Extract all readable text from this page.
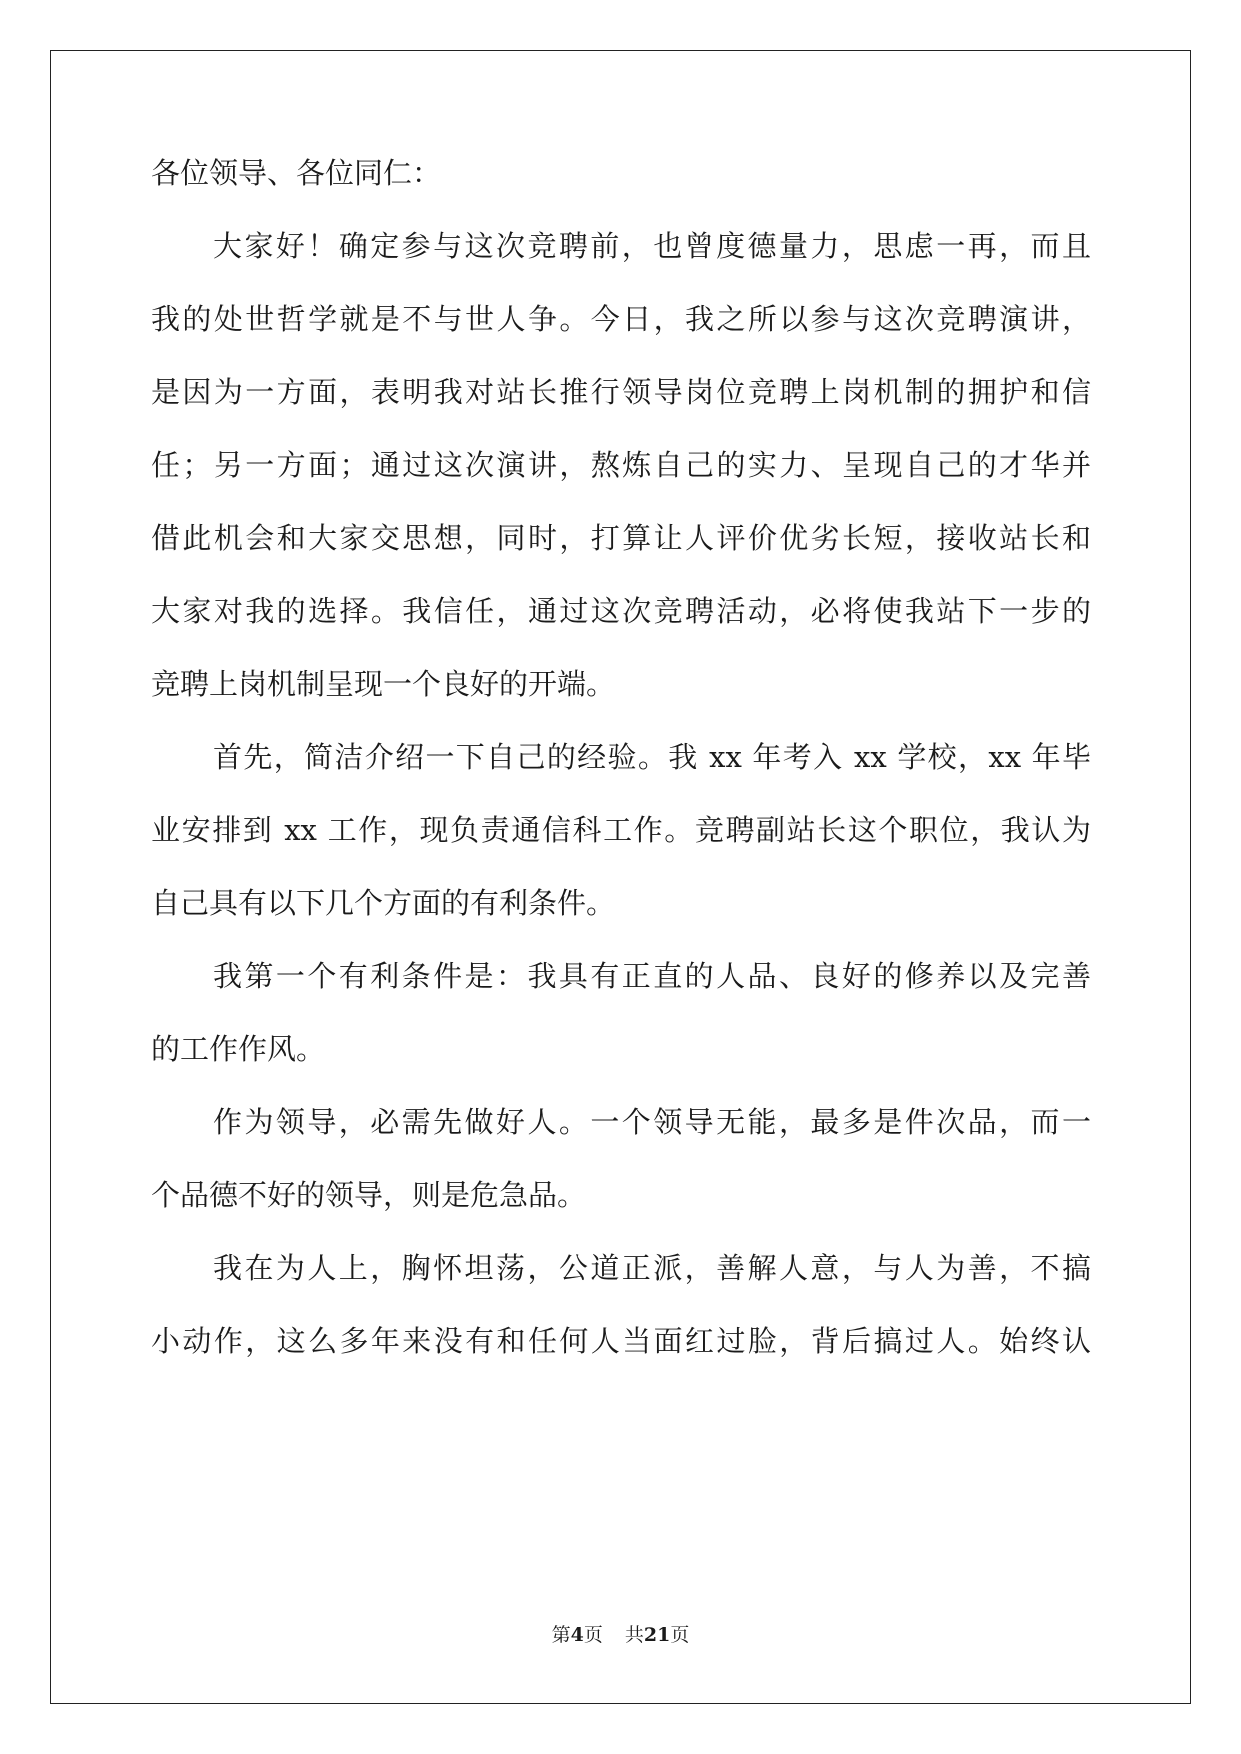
各位领导、各位同仁：

大家好！确定参与这次竞聘前，也曾度德量力，思虑一再，而且

我的处世哲学就是不与世人争。今日，我之所以参与这次竞聘演讲，

是因为一方面，表明我对站长推行领导岗位竞聘上岗机制的拥护和信

任；另一方面；通过这次演讲，熬炼自己的实力、呈现自己的才华并

借此机会和大家交思想，同时，打算让人评价优劣长短，接收站长和

大家对我的选择。我信任，通过这次竞聘活动，必将使我站下一步的

竞聘上岗机制呈现一个良好的开端。

首先，简洁介绍一下自己的经验。我 xx 年考入 xx 学校，xx 年毕

业安排到 xx 工作，现负责通信科工作。竞聘副站长这个职位，我认为

自己具有以下几个方面的有利条件。

我第一个有利条件是：我具有正直的人品、良好的修养以及完善

的工作作风。

作为领导，必需先做好人。一个领导无能，最多是件次品，而一

个品德不好的领导，则是危急品。

我在为人上，胸怀坦荡，公道正派，善解人意，与人为善，不搞

小动作，这么多年来没有和任何人当面红过脸，背后搞过人。始终认

第4页 共21页
